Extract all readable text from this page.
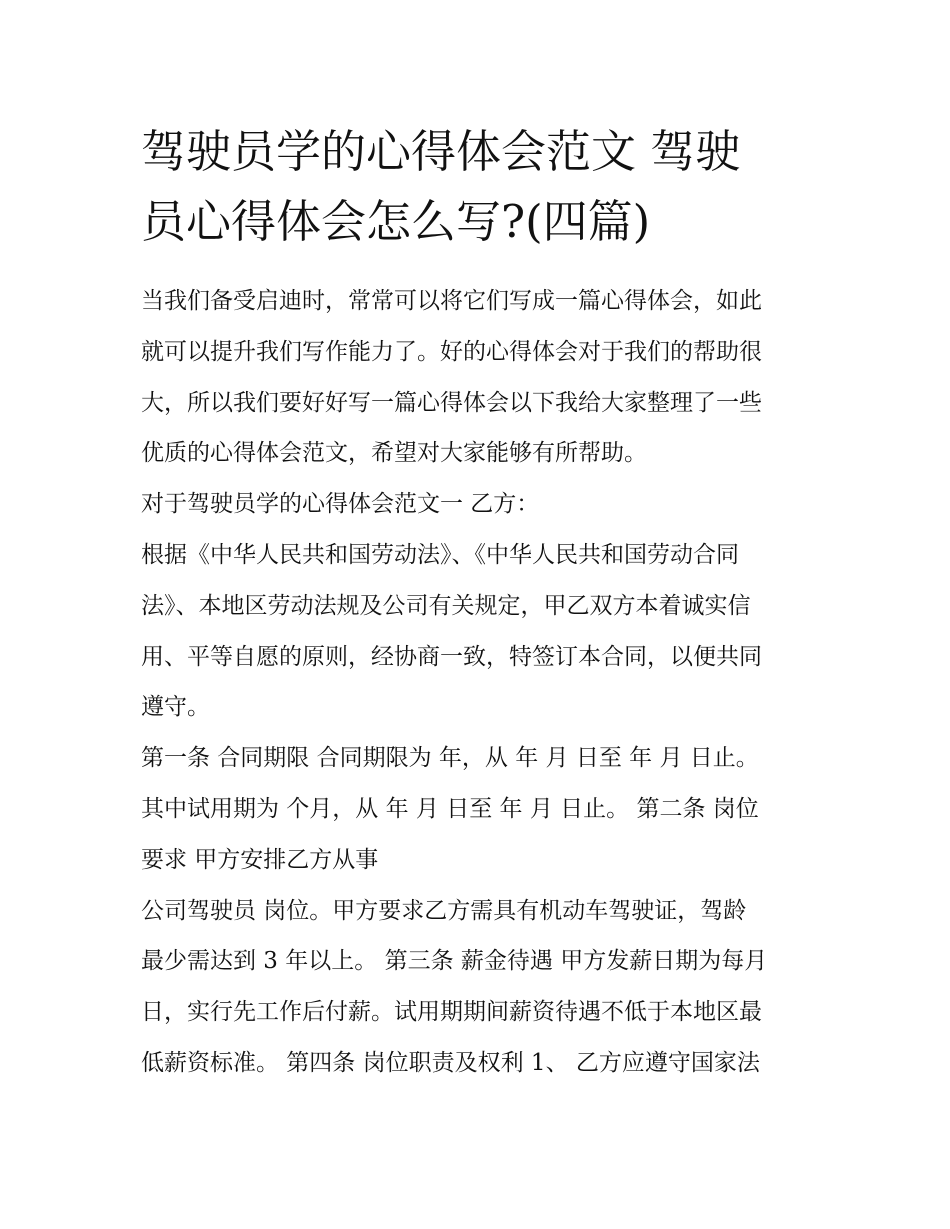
驾驶员学的心得体会范文 驾驶
员心得体会怎么写?(四篇)
当我们备受启迪时，常常可以将它们写成一篇心得体会，如此
就可以提升我们写作能力了。好的心得体会对于我们的帮助很
大，所以我们要好好写一篇心得体会以下我给大家整理了一些
优质的心得体会范文，希望对大家能够有所帮助。
对于驾驶员学的心得体会范文一 乙方：
根据《中华人民共和国劳动法》、《中华人民共和国劳动合同
法》、本地区劳动法规及公司有关规定，甲乙双方本着诚实信
用、平等自愿的原则，经协商一致，特签订本合同，以便共同
遵守。
第一条 合同期限 合同期限为 年，从 年 月 日至 年 月 日止。
其中试用期为 个月，从 年 月 日至 年 月 日止。 第二条 岗位
要求 甲方安排乙方从事
公司驾驶员 岗位。甲方要求乙方需具有机动车驾驶证，驾龄
最少需达到 3 年以上。 第三条 薪金待遇 甲方发薪日期为每月
日，实行先工作后付薪。试用期期间薪资待遇不低于本地区最
低薪资标准。 第四条 岗位职责及权利 1、 乙方应遵守国家法
